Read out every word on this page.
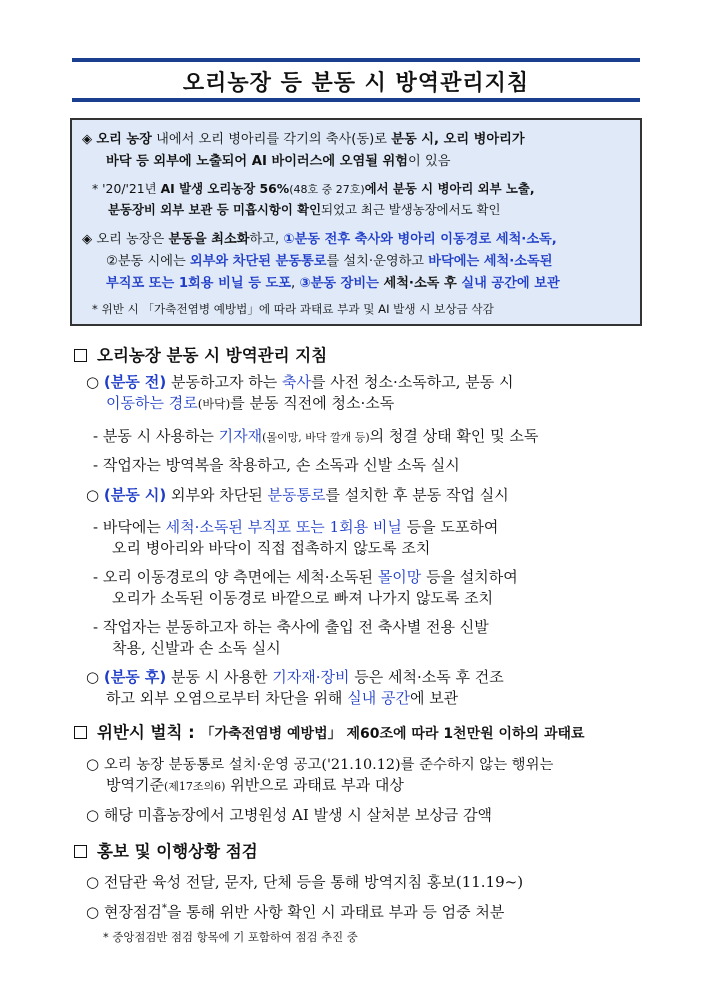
오리농장 등 분동 시 방역관리지침
◈ 오리 농장 내에서 오리 병아리를 각기의 축사(동)로 분동 시, 오리 병아리가
바닥 등 외부에 노출되어 AI 바이러스에 오염될 위험이 있음
* '20/'21년 AI 발생 오리농장 56%(48호 중 27호)에서 분동 시 병아리 외부 노출,
분동장비 외부 보관 등 미흡시항이 확인되었고 최근 발생농장에서도 확인
◈ 오리 농장은 분동을 최소화하고, ①분동 전후 축사와 병아리 이동경로 세척·소독,
②분동 시에는 외부와 차단된 분동통로를 설치·운영하고 바닥에는 세척·소독된
부직포 또는 1회용 비닐 등 도포, ③분동 장비는 세척·소독 후 실내 공간에 보관
* 위반 시 「가축전염병 예방법」에 따라 과태료 부과 및 AI 발생 시 보상금 삭감
오리농장 분동 시 방역관리 지침
○ (분동 전) 분동하고자 하는 축사를 사전 청소·소독하고, 분동 시
이동하는 경로(바닥)를 분동 직전에 청소·소독
- 분동 시 사용하는 기자재(몰이망, 바닥 깔개 등)의 청결 상태 확인 및 소독
- 작업자는 방역복을 착용하고, 손 소독과 신발 소독 실시
○ (분동 시) 외부와 차단된 분동통로를 설치한 후 분동 작업 실시
- 바닥에는 세척·소독된 부직포 또는 1회용 비닐 등을 도포하여
오리 병아리와 바닥이 직접 접촉하지 않도록 조치
- 오리 이동경로의 양 측면에는 세척·소독된 몰이망 등을 설치하여
오리가 소독된 이동경로 바깥으로 빠져 나가지 않도록 조치
- 작업자는 분동하고자 하는 축사에 출입 전 축사별 전용 신발
착용, 신발과 손 소독 실시
○ (분동 후) 분동 시 사용한 기자재·장비 등은 세척·소독 후 건조
하고 외부 오염으로부터 차단을 위해 실내 공간에 보관
위반시 벌칙 : 「가축전염병 예방법」 제60조에 따라 1천만원 이하의 과태료
○ 오리 농장 분동통로 설치·운영 공고('21.10.12)를 준수하지 않는 행위는
방역기준(제17조의6) 위반으로 과태료 부과 대상
○ 해당 미흡농장에서 고병원성 AI 발생 시 살처분 보상금 감액
홍보 및 이행상황 점검
○ 전담관 육성 전달, 문자, 단체 등을 통해 방역지침 홍보(11.19~)
○ 현장점검*을 통해 위반 사항 확인 시 과태료 부과 등 엄중 처분
* 중앙점검반 점검 항목에 기 포함하여 점검 추진 중
